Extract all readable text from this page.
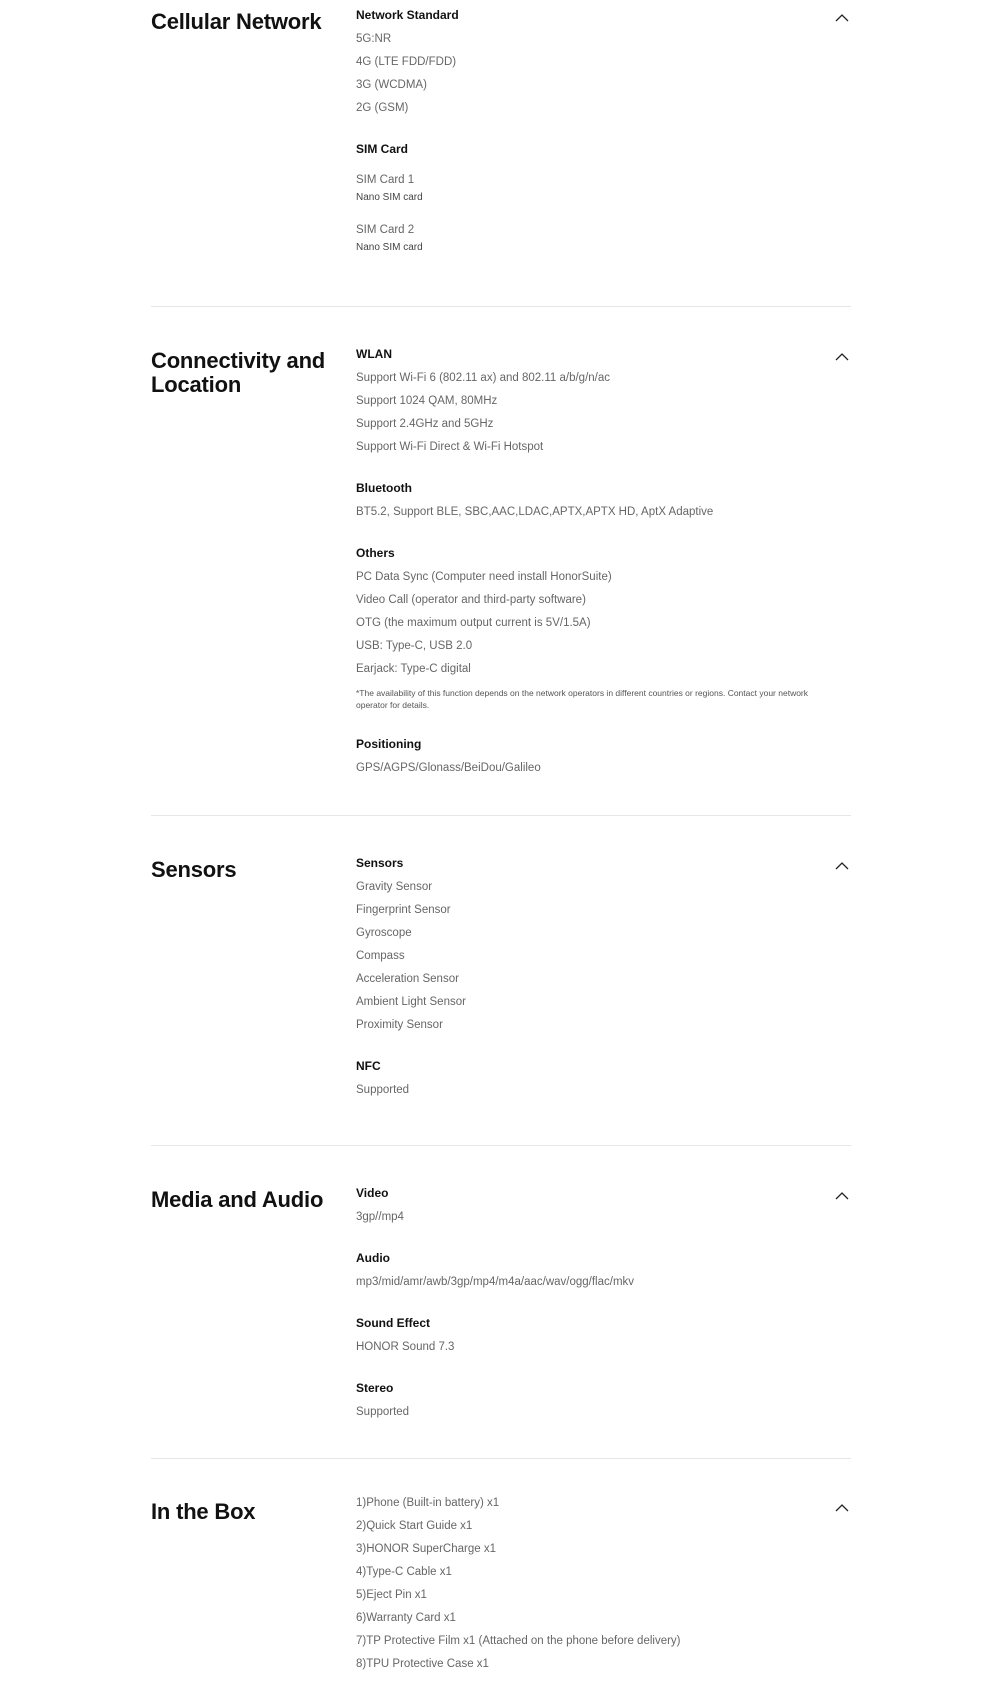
Cellular Network	Network Standard
5G:NR
4G (LTE FDD/FDD)
3G (WCDMA)
2G (GSM)
SIM Card
SIM Card 1
Nano SIM card
SIM Card 2
Nano SIM card
Connectivity and Location
WLAN
Support Wi-Fi 6 (802.11 ax) and 802.11 a/b/g/n/ac
Support 1024 QAM, 80MHz
Support 2.4GHz and 5GHz
Support Wi-Fi Direct & Wi-Fi Hotspot
Bluetooth
BT5.2, Support BLE, SBC,AAC,LDAC,APTX,APTX HD, AptX Adaptive
Others
PC Data Sync (Computer need install HonorSuite)
Video Call (operator and third-party software)
OTG (the maximum output current is 5V/1.5A)
USB: Type-C, USB 2.0
Earjack: Type-C digital
*The availability of this function depends on the network operators in different countries or regions. Contact your network operator for details.
Positioning
GPS/AGPS/Glonass/BeiDou/Galileo
Sensors	Sensors
Gravity Sensor
Fingerprint Sensor
Gyroscope
Compass
Acceleration Sensor
Ambient Light Sensor
Proximity Sensor
NFC
Supported
Media and Audio	Video
3gp//mp4
Audio
mp3/mid/amr/awb/3gp/mp4/m4a/aac/wav/ogg/flac/mkv
Sound Effect
HONOR Sound 7.3
Stereo
Supported
In the Box	1)Phone (Built-in battery) x1
2)Quick Start Guide x1
3)HONOR SuperCharge x1
4)Type-C Cable x1
5)Eject Pin x1
6)Warranty Card x1
7)TP Protective Film x1 (Attached on the phone before delivery)
8)TPU Protective Case x1
